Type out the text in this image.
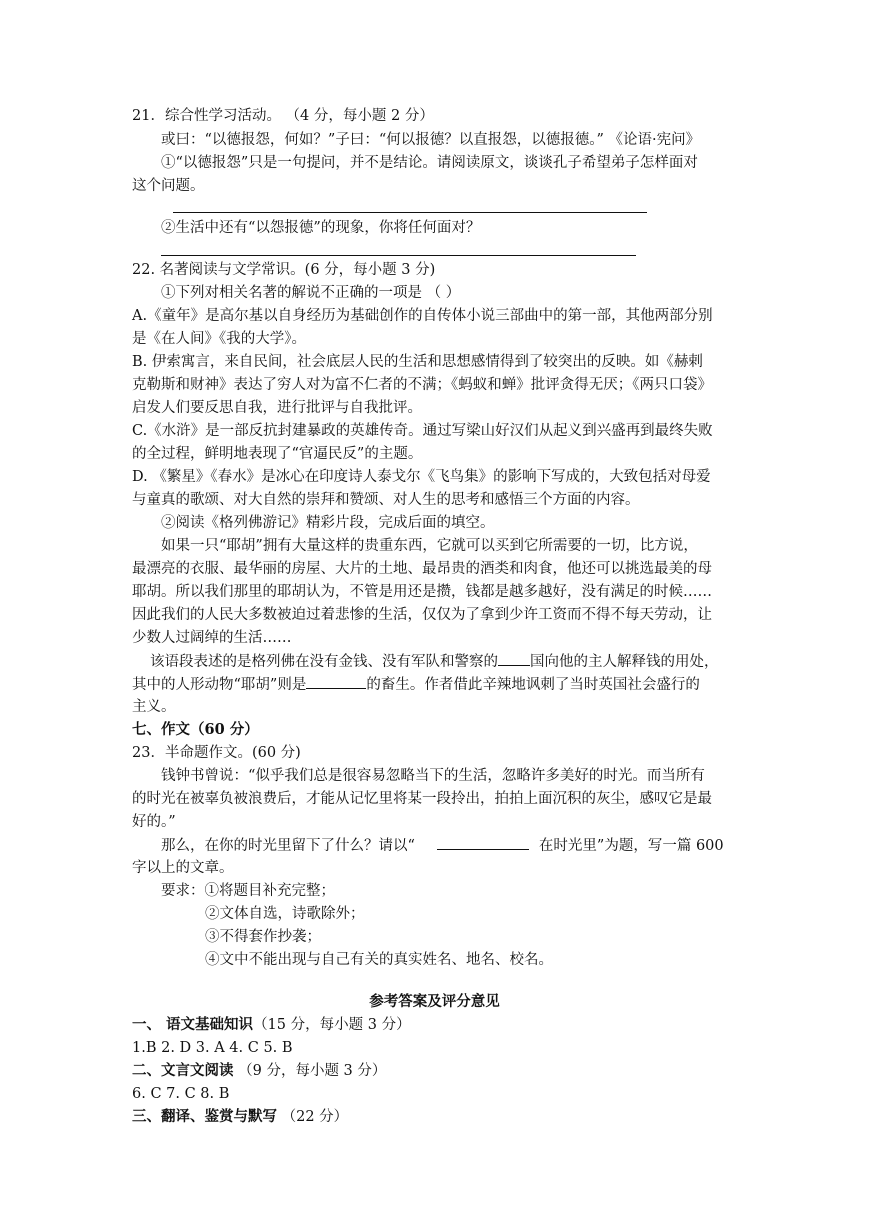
21．综合性学习活动。 （4 分，每小题 2 分）
或曰：“以德报怨，何如？”子曰：“何以报德？以直报怨，以德报德。” 《论语·宪问》
①“以德报怨”只是一句提问，并不是结论。请阅读原文，谈谈孔子希望弟子怎样面对
这个问题。
②生活中还有“以怨报德”的现象，你将任何面对？
22. 名著阅读与文学常识。(6 分，每小题 3 分)
①下列对相关名著的解说不正确的一项是 （ ）
A.《童年》是高尔基以自身经历为基础创作的自传体小说三部曲中的第一部，其他两部分别
是《在人间》《我的大学》。
B. 伊索寓言，来自民间，社会底层人民的生活和思想感情得到了较突出的反映。如《赫剌
克勒斯和财神》表达了穷人对为富不仁者的不满；《蚂蚁和蝉》批评贪得无厌；《两只口袋》
启发人们要反思自我，进行批评与自我批评。
C.《水浒》是一部反抗封建暴政的英雄传奇。通过写梁山好汉们从起义到兴盛再到最终失败
的全过程，鲜明地表现了“官逼民反”的主题。
D. 《繁星》《春水》是冰心在印度诗人泰戈尔《飞鸟集》的影响下写成的，大致包括对母爱
与童真的歌颂、对大自然的崇拜和赞颂、对人生的思考和感悟三个方面的内容。
②阅读《格列佛游记》精彩片段，完成后面的填空。
如果一只“耶胡”拥有大量这样的贵重东西，它就可以买到它所需要的一切，比方说，
最漂亮的衣服、最华丽的房屋、大片的土地、最昂贵的酒类和肉食，他还可以挑选最美的母
耶胡。所以我们那里的耶胡认为，不管是用还是攒，钱都是越多越好，没有满足的时候……
因此我们的人民大多数被迫过着悲惨的生活，仅仅为了拿到少许工资而不得不每天劳动，让
少数人过阔绰的生活……
该语段表述的是格列佛在没有金钱、没有军队和警察的 国向他的主人解释钱的用处，
其中的人形动物“耶胡”则是	的畜生。作者借此辛辣地讽刺了当时英国社会盛行的
主义。
七、作文（60 分）
23．半命题作文。(60 分)
钱钟书曾说：“似乎我们总是很容易忽略当下的生活，忽略许多美好的时光。而当所有
的时光在被辜负被浪费后，才能从记忆里将某一段拎出，拍拍上面沉积的灰尘，感叹它是最
好的。”
那么，在你的时光里留下了什么？请以“	在时光里”为题，写一篇 600
字以上的文章。
要求：①将题目补充完整；
②文体自选，诗歌除外；
③不得套作抄袭；
④文中不能出现与自己有关的真实姓名、地名、校名。
参考答案及评分意见
一、 语文基础知识（15 分，每小题 3 分）
1.B 2. D 3. A 4. C 5. B
二、文言文阅读 （9 分，每小题 3 分）
6. C 7. C 8. B
三、翻译、鉴赏与默写 （22 分）
